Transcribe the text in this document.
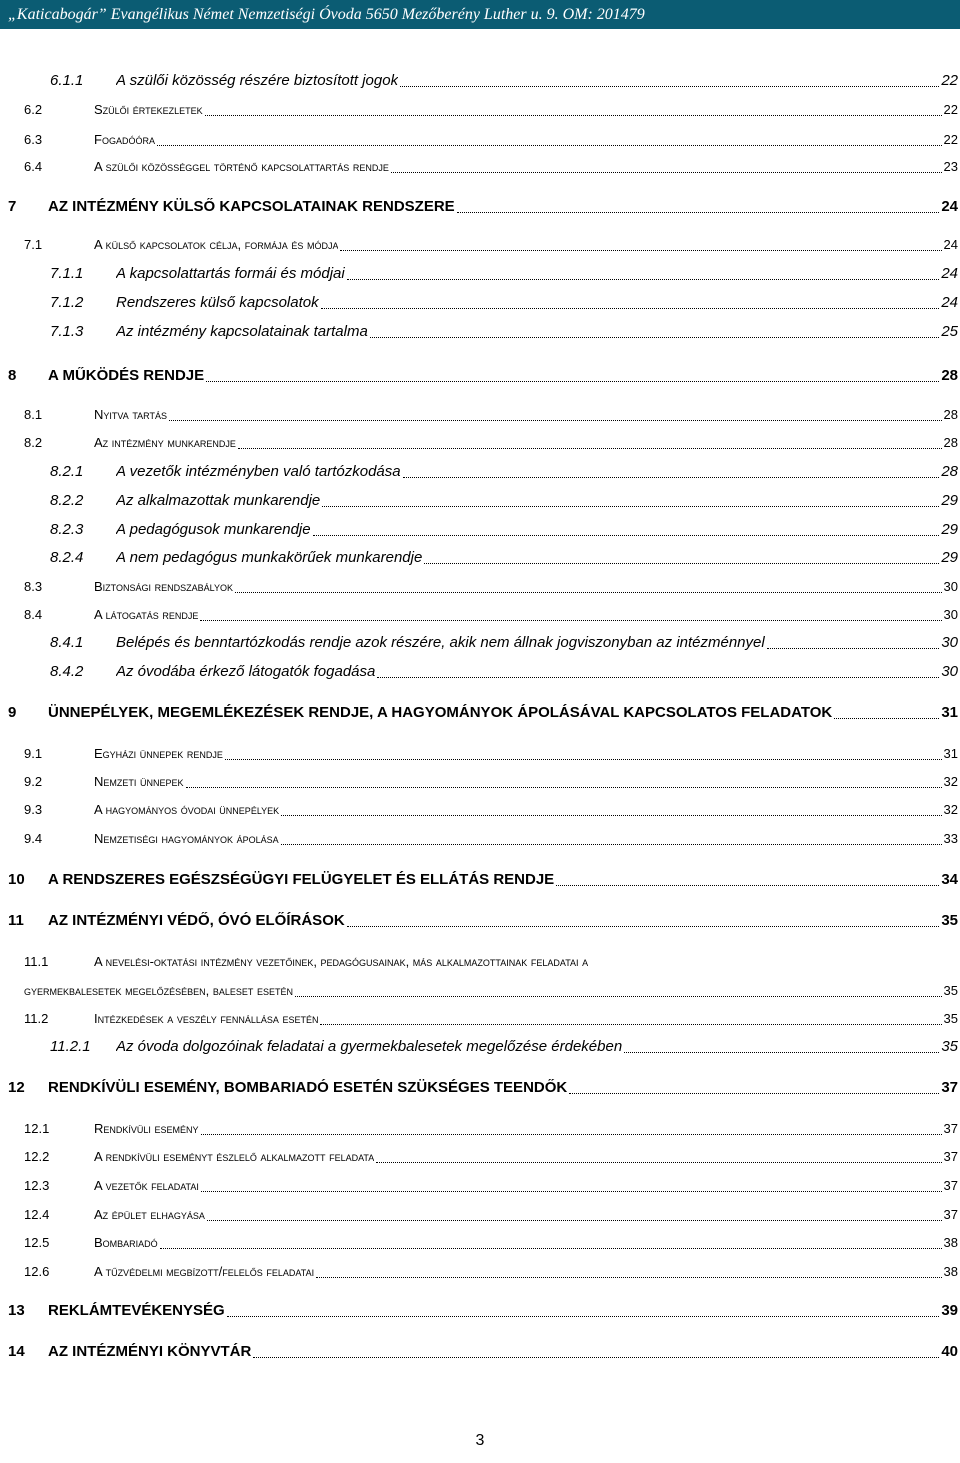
„Katicabogár” Evangélikus Német Nemzetiségi Óvoda 5650 Mezőberény Luther u. 9. OM: 201479
6.1.1 A szülői közösség részére biztosított jogok	22
6.2	Szülői értekezletek	22
6.3	Fogadóóra	22
6.4	A szülői közösséggel történő kapcsolattartás rendje	23
7 AZ INTÉZMÉNY KÜLSŐ KAPCSOLATAINAK RENDSZERE	24
7.1	A külső kapcsolatok célja, formája és módja	24
7.1.1 A kapcsolattartás formái és módjai	24
7.1.2 Rendszeres külső kapcsolatok	24
7.1.3 Az intézmény kapcsolatainak tartalma	25
8 A MŰKÖDÉS RENDJE	28
8.1	Nyitva tartás	28
8.2	Az intézmény munkarendje	28
8.2.1 A vezetők intézményben való tartózkodása	28
8.2.2 Az alkalmazottak munkarendje	29
8.2.3 A pedagógusok munkarendje	29
8.2.4 A nem pedagógus munkakörűek munkarendje	29
8.3	Biztonsági rendszabályok	30
8.4	A látogatás rendje	30
8.4.1 Belépés és benntartózkodás rendje azok részére, akik nem állnak jogviszonyban az intézménnyel	30
8.4.2 Az óvodába érkező látogatók fogadása	30
9 ÜNNEPÉLYEK, MEGEMLÉKEZÉSEK RENDJE, A HAGYOMÁNYOK ÁPOLÁSÁVAL KAPCSOLATOS FELADATOK	31
9.1	Egyházi ünnepek rendje	31
9.2	Nemzeti ünnepek	32
9.3	A hagyományos óvodai ünnepélyek	32
9.4	Nemzetiségi hagyományok ápolása	33
10 A RENDSZERES EGÉSZSÉGÜGYI FELÜGYELET ÉS ELLÁTÁS RENDJE	34
11 AZ INTÉZMÉNYI VÉDŐ, ÓVÓ ELŐÍRÁSOK	35
11.1	A nevelési-oktatási intézmény vezetőinek, pedagógusainak, más alkalmazottainak feladatai a
gyermekbalesetek megelőzésében, baleset esetén	35
11.2	Intézkedések a veszély fennállása esetén	35
11.2.1 Az óvoda dolgozóinak feladatai a gyermekbalesetek megelőzése érdekében	35
12 RENDKÍVÜLI ESEMÉNY, BOMBARIADÓ ESETÉN SZÜKSÉGES TEENDŐK	37
12.1	Rendkívüli esemény	37
12.2	A rendkívüli eseményt észlelő alkalmazott feladata	37
12.3	A vezetők feladatai	37
12.4	Az épület elhagyása	37
12.5	Bombariadó	38
12.6	A tűzvédelmi megbízott/felelős feladatai	38
13 REKLÁMTEVÉKENYSÉG	39
14 AZ INTÉZMÉNYI KÖNYVTÁR	40
3
